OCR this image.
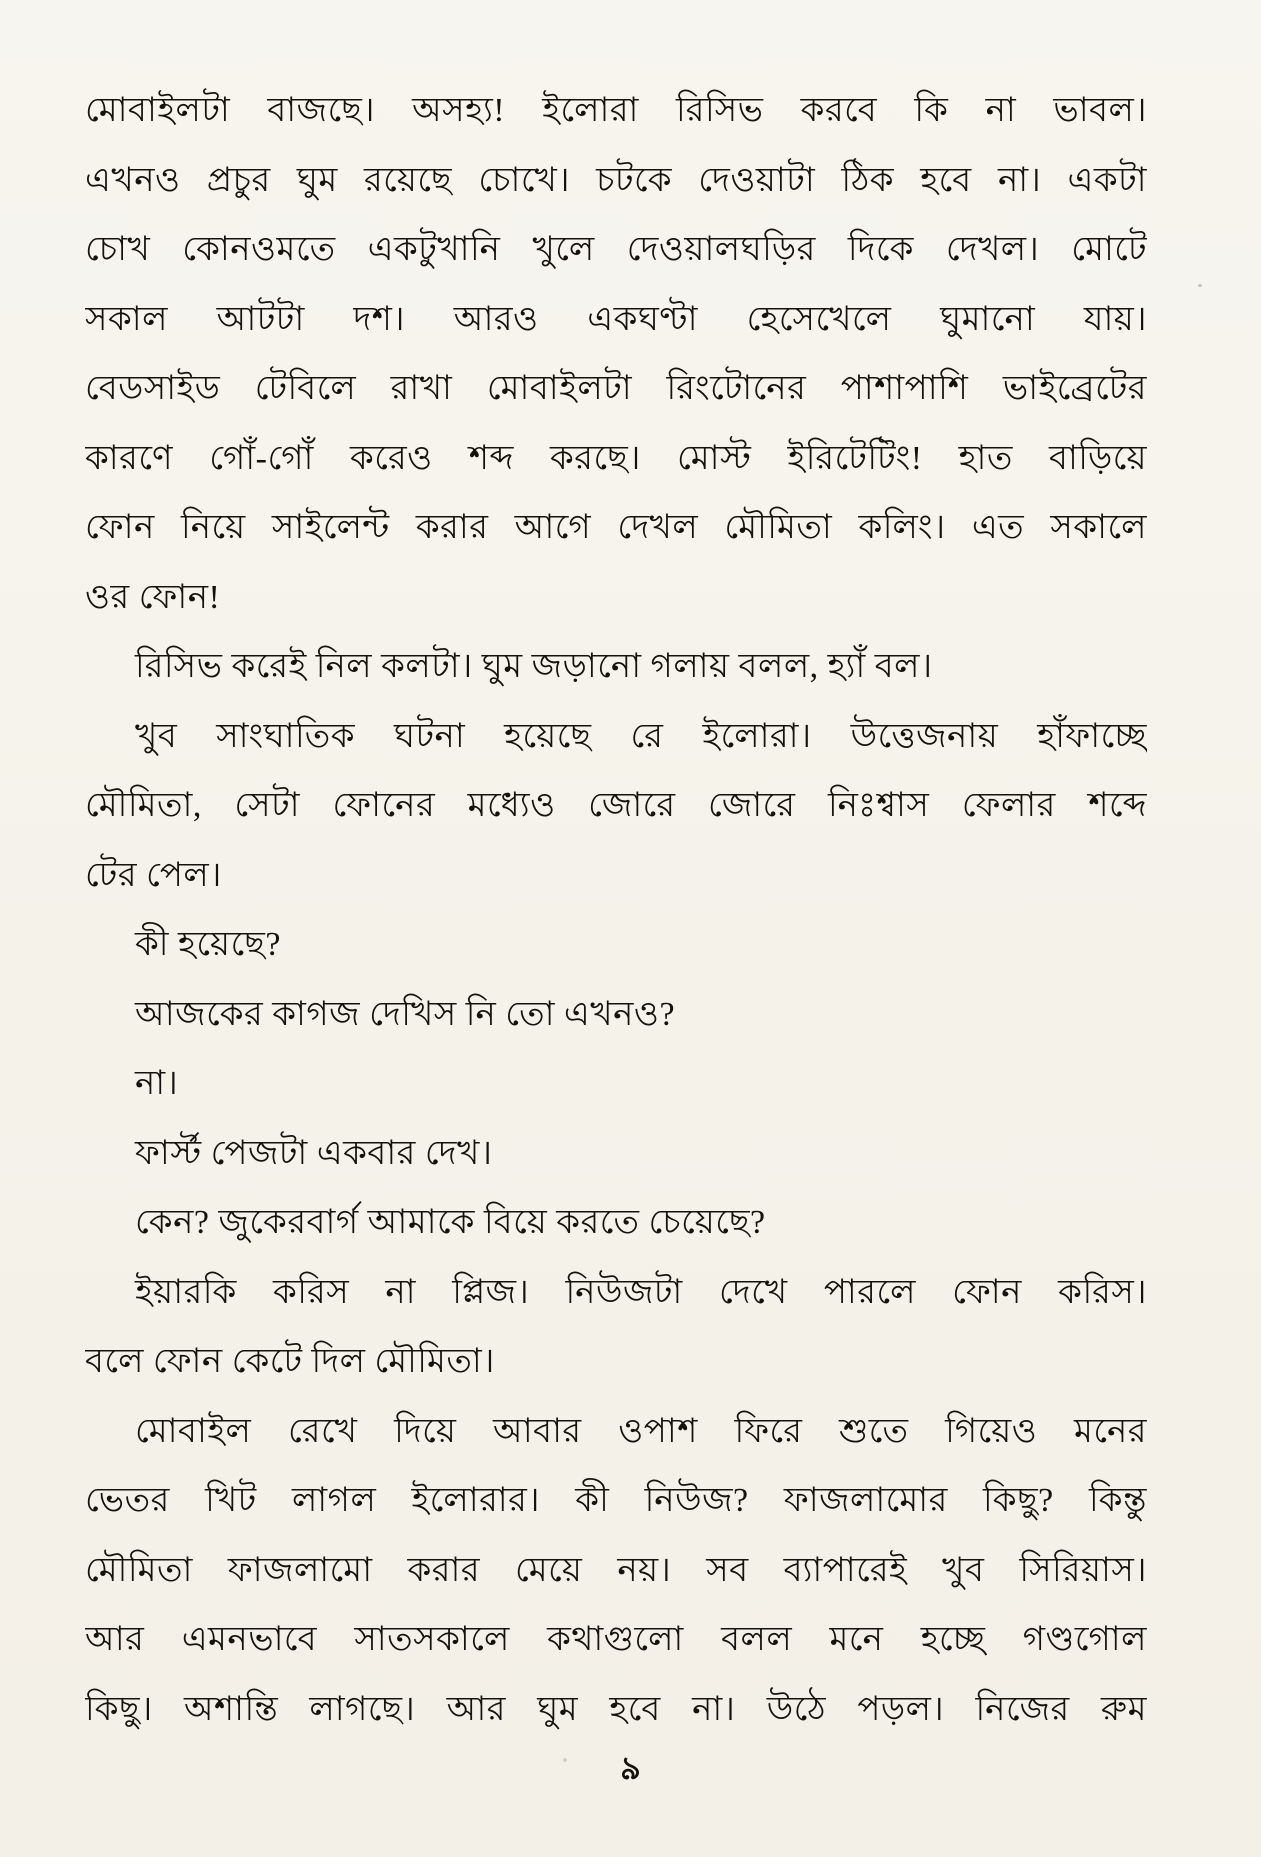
মোবাইলটা বাজছে। অসহ্য! ইলোরা রিসিভ করবে কি না ভাবল।
এখনও প্রচুর ঘুম রয়েছে চোখে। চটকে দেওয়াটা ঠিক হবে না। একটা
চোখ কোনওমতে একটুখানি খুলে দেওয়ালঘড়ির দিকে দেখল। মোটে
সকাল আটটা দশ। আরও একঘণ্টা হেসেখেলে ঘুমানো যায়।
বেডসাইড টেবিলে রাখা মোবাইলটা রিংটোনের পাশাপাশি ভাইব্রেটের
কারণে গোঁ-গোঁ করেও শব্দ করছে। মোস্ট ইরিটেটিং! হাত বাড়িয়ে
ফোন নিয়ে সাইলেন্ট করার আগে দেখল মৌমিতা কলিং। এত সকালে
ওর ফোন!
রিসিভ করেই নিল কলটা। ঘুম জড়ানো গলায় বলল, হ্যাঁ বল।
খুব সাংঘাতিক ঘটনা হয়েছে রে ইলোরা। উত্তেজনায় হাঁফাচ্ছে
মৌমিতা, সেটা ফোনের মধ্যেও জোরে জোরে নিঃশ্বাস ফেলার শব্দে
টের পেল।
কী হয়েছে?
আজকের কাগজ দেখিস নি তো এখনও?
না।
ফার্স্ট পেজটা একবার দেখ।
কেন? জুকেরবার্গ আমাকে বিয়ে করতে চেয়েছে?
ইয়ারকি করিস না প্লিজ। নিউজটা দেখে পারলে ফোন করিস।
বলে ফোন কেটে দিল মৌমিতা।
মোবাইল রেখে দিয়ে আবার ওপাশ ফিরে শুতে গিয়েও মনের
ভেতর খিট লাগল ইলোরার। কী নিউজ? ফাজলামোর কিছু? কিন্তু
মৌমিতা ফাজলামো করার মেয়ে নয়। সব ব্যাপারেই খুব সিরিয়াস।
আর এমনভাবে সাতসকালে কথাগুলো বলল মনে হচ্ছে গণ্ডগোল
কিছু। অশান্তি লাগছে। আর ঘুম হবে না। উঠে পড়ল। নিজের রুম
৯
